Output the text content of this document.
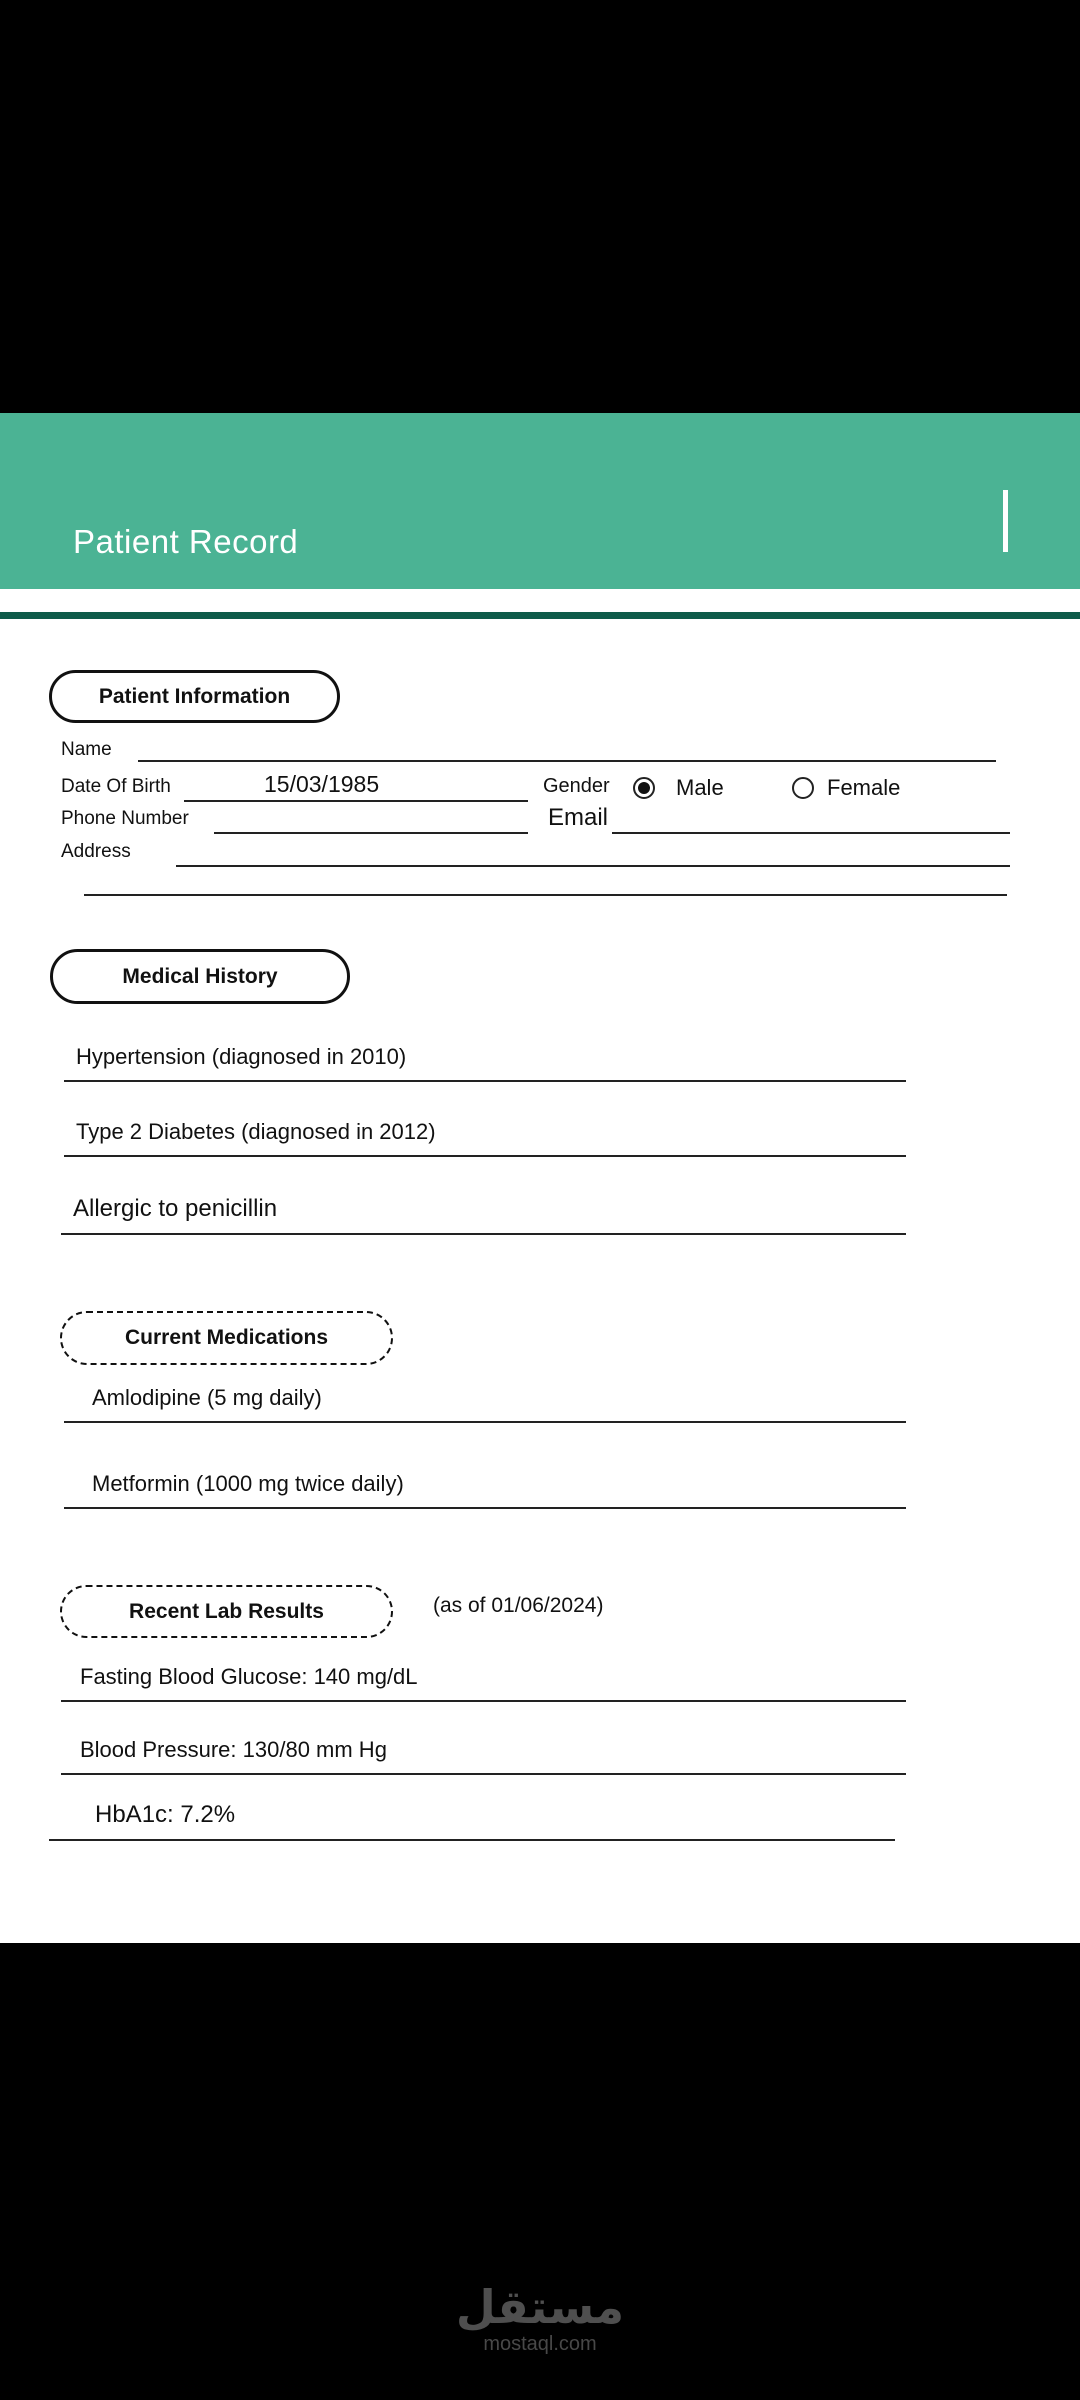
Patient Record
Patient Information
Name
Date Of Birth	15/03/1985	Gender	Male	Female
Phone Number	Email
Address
Medical History
Hypertension (diagnosed in 2010)
Type 2 Diabetes (diagnosed in 2012)
Allergic to penicillin
Current Medications
Amlodipine (5 mg daily)
Metformin (1000 mg twice daily)
Recent Lab Results	(as of 01/06/2024)
Fasting Blood Glucose: 140 mg/dL
Blood Pressure: 130/80 mm Hg
HbA1c: 7.2%
مستقل
mostaql.com
